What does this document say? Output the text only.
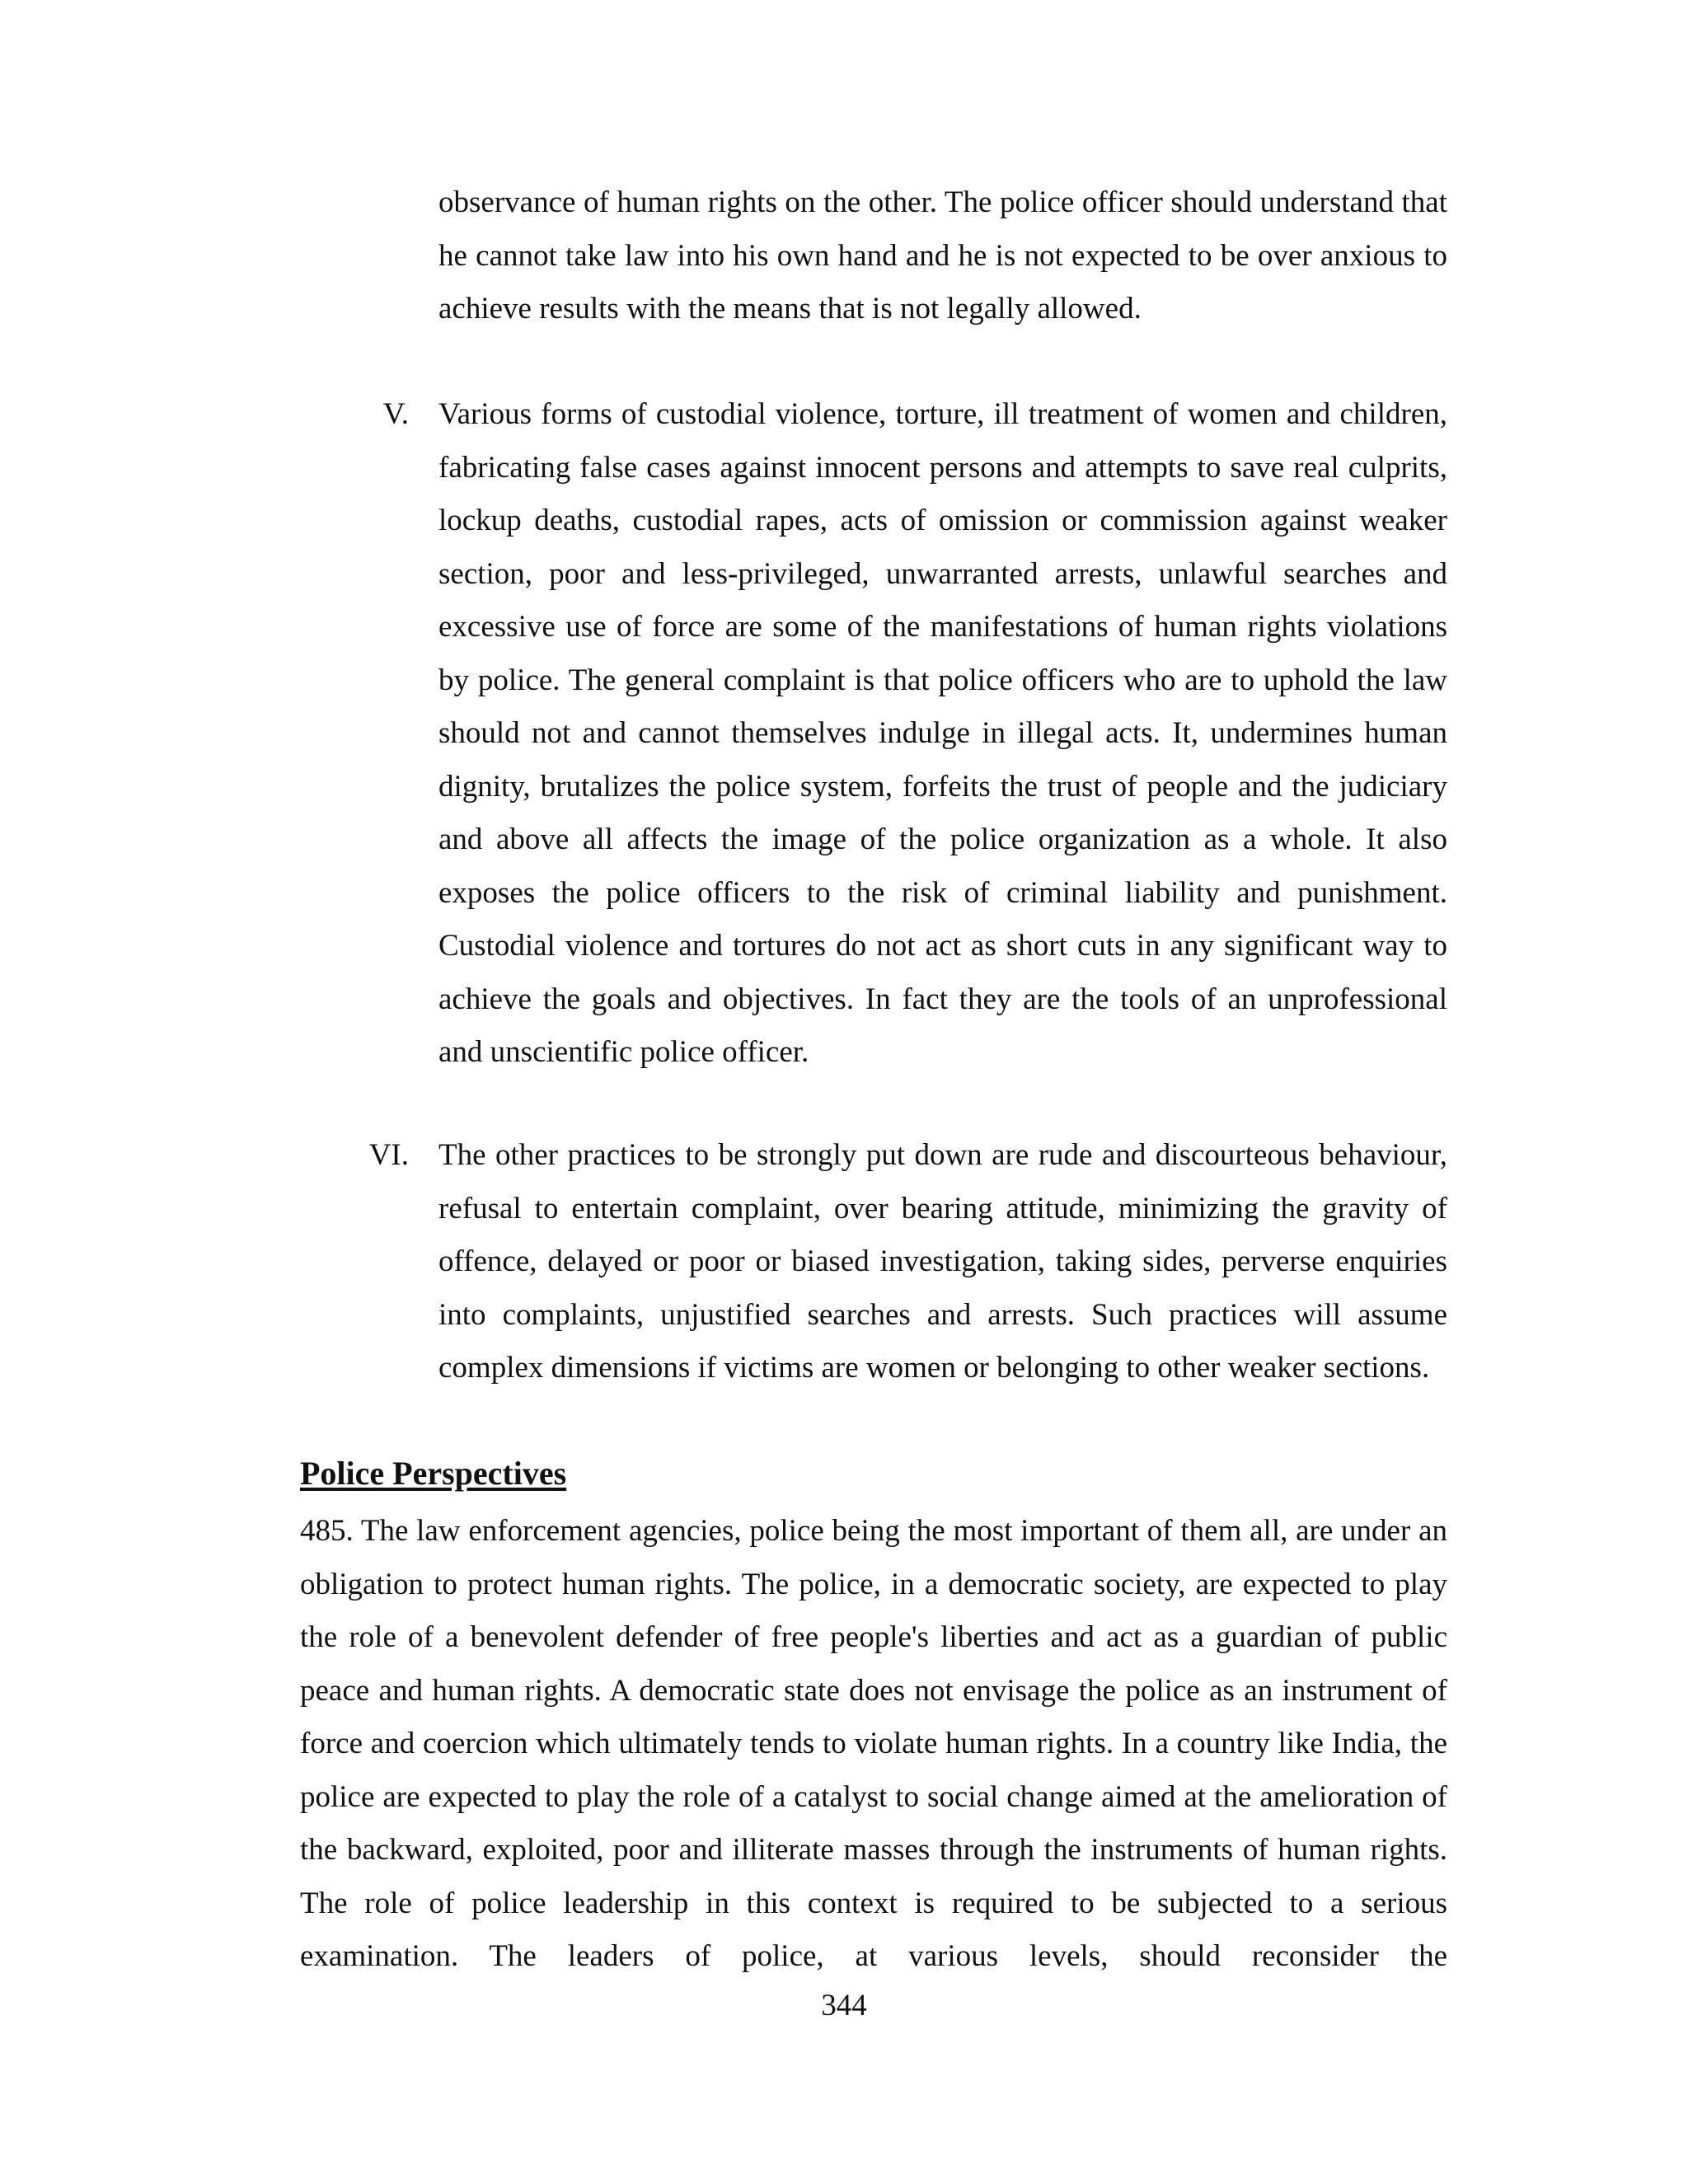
observance of human rights on the other. The police officer should understand that he cannot take law into his own hand and he is not expected to be over anxious to achieve results with the means that is not legally allowed.

V. Various forms of custodial violence, torture, ill treatment of women and children, fabricating false cases against innocent persons and attempts to save real culprits, lockup deaths, custodial rapes, acts of omission or commission against weaker section, poor and less-privileged, unwarranted arrests, unlawful searches and excessive use of force are some of the manifestations of human rights violations by police. The general complaint is that police officers who are to uphold the law should not and cannot themselves indulge in illegal acts. It, undermines human dignity, brutalizes the police system, forfeits the trust of people and the judiciary and above all affects the image of the police organization as a whole. It also exposes the police officers to the risk of criminal liability and punishment. Custodial violence and tortures do not act as short cuts in any significant way to achieve the goals and objectives. In fact they are the tools of an unprofessional and unscientific police officer.

VI. The other practices to be strongly put down are rude and discourteous behaviour, refusal to entertain complaint, over bearing attitude, minimizing the gravity of offence, delayed or poor or biased investigation, taking sides, perverse enquiries into complaints, unjustified searches and arrests. Such practices will assume complex dimensions if victims are women or belonging to other weaker sections.

Police Perspectives

485. The law enforcement agencies, police being the most important of them all, are under an obligation to protect human rights. The police, in a democratic society, are expected to play the role of a benevolent defender of free people's liberties and act as a guardian of public peace and human rights. A democratic state does not envisage the police as an instrument of force and coercion which ultimately tends to violate human rights. In a country like India, the police are expected to play the role of a catalyst to social change aimed at the amelioration of the backward, exploited, poor and illiterate masses through the instruments of human rights. The role of police leadership in this context is required to be subjected to a serious examination. The leaders of police, at various levels, should reconsider the

344
